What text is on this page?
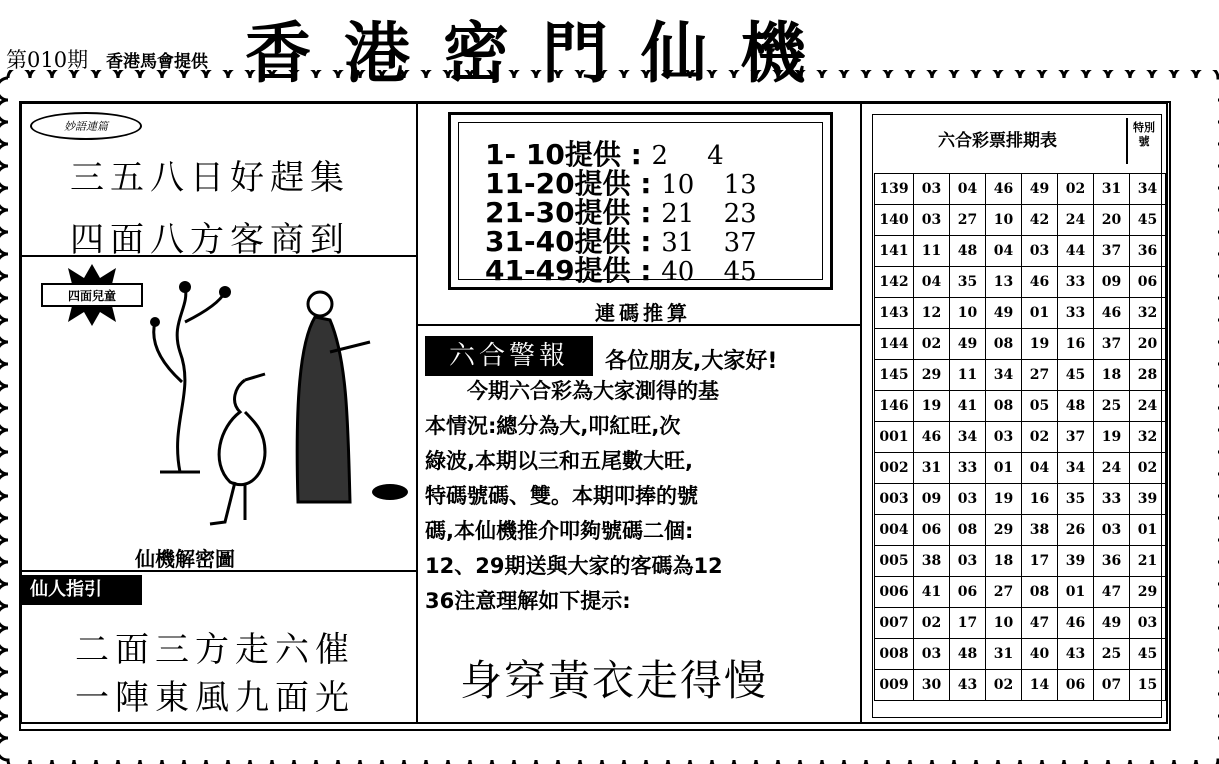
第010期 香港馬會提供 香港密門仙機
妙語連篇
三五八日好趕集
四面八方客商到
四面兒童
仙機解密圖
仙人指引
二面三方走六催
一陣東風九面光
1- 10提供 : 2 4
11-20提供 : 10 13
21-30提供 : 21 23
31-40提供 : 31 37
41-49提供 : 40 45
連碼推算
六合警報	各位朋友,大家好!
　　今期六合彩為大家測得的基
本情況:總分為大,叩紅旺,次
綠波,本期以三和五尾數大旺,
特碼號碼、雙。本期叩捧的號
碼,本仙機推介叩夠號碼二個:
12、29期送與大家的客碼為12
36注意理解如下提示:
身穿黃衣走得慢
六合彩票排期表
特別號
139	03	04	46	49	02	31	34
140	03	27	10	42	24	20	45
141	11	48	04	03	44	37	36
142	04	35	13	46	33	09	06
143	12	10	49	01	33	46	32
144	02	49	08	19	16	37	20
145	29	11	34	27	45	18	28
146	19	41	08	05	48	25	24
001	46	34	03	02	37	19	32
002	31	33	01	04	34	24	02
003	09	03	19	16	35	33	39
004	06	08	29	38	26	03	01
005	38	03	18	17	39	36	21
006	41	06	27	08	01	47	29
007	02	17	10	47	46	49	03
008	03	48	31	40	43	25	45
009	30	43	02	14	06	07	15
